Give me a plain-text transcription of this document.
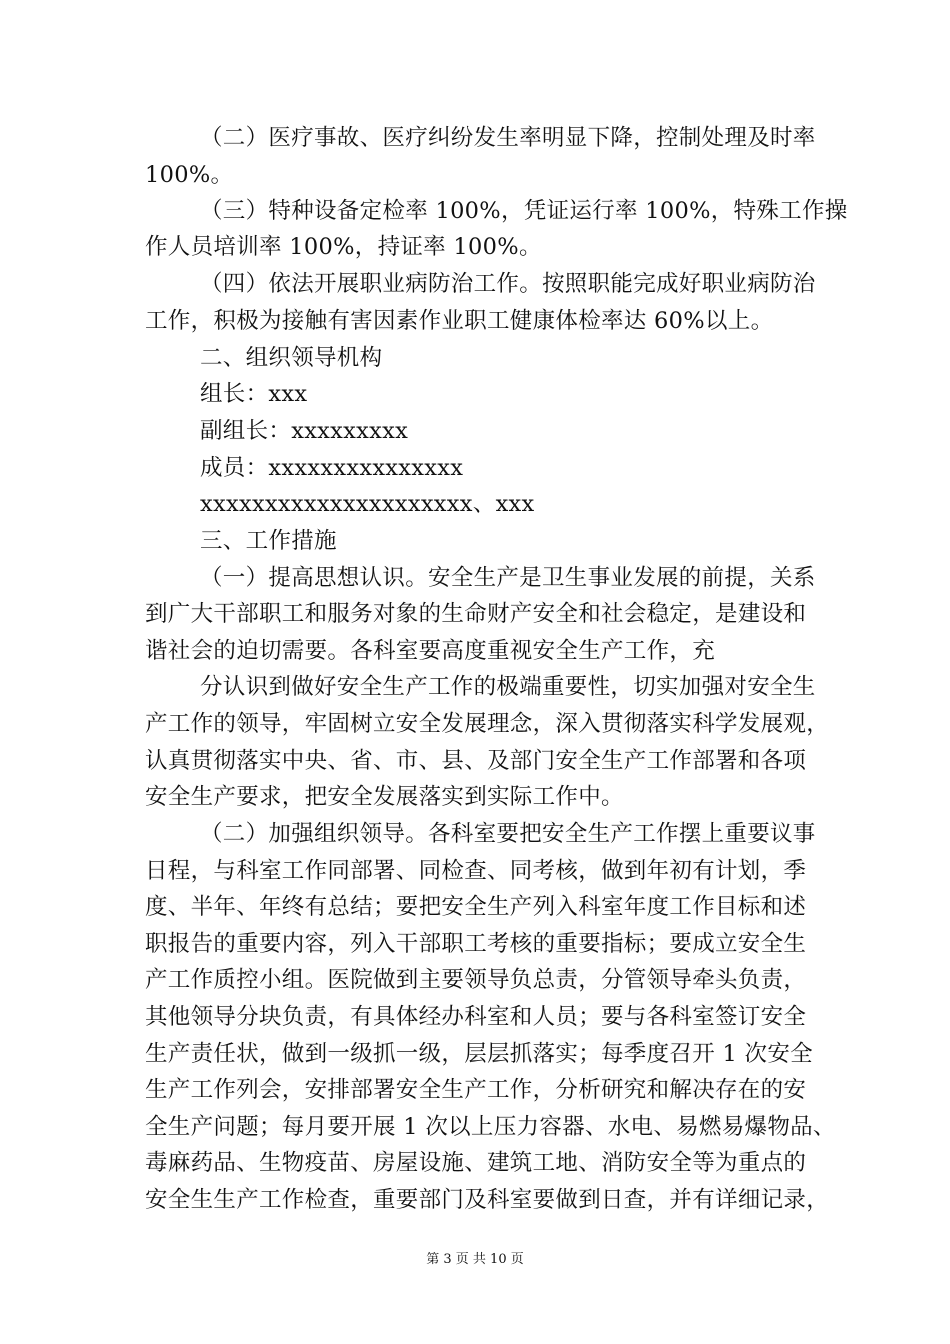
（二）医疗事故、医疗纠纷发生率明显下降，控制处理及时率
100%。
（三）特种设备定检率 100%，凭证运行率 100%，特殊工作操
作人员培训率 100%，持证率 100%。
（四）依法开展职业病防治工作。按照职能完成好职业病防治
工作，积极为接触有害因素作业职工健康体检率达 60%以上。
二、组织领导机构
组长：xxx
副组长：xxxxxxxxx
成员：xxxxxxxxxxxxxxx
xxxxxxxxxxxxxxxxxxxxx、xxx
三、工作措施
（一）提高思想认识。安全生产是卫生事业发展的前提，关系
到广大干部职工和服务对象的生命财产安全和社会稳定，是建设和
谐社会的迫切需要。各科室要高度重视安全生产工作，充
分认识到做好安全生产工作的极端重要性，切实加强对安全生
产工作的领导，牢固树立安全发展理念，深入贯彻落实科学发展观，
认真贯彻落实中央、省、市、县、及部门安全生产工作部署和各项
安全生产要求，把安全发展落实到实际工作中。
（二）加强组织领导。各科室要把安全生产工作摆上重要议事
日程，与科室工作同部署、同检查、同考核，做到年初有计划，季
度、半年、年终有总结；要把安全生产列入科室年度工作目标和述
职报告的重要内容，列入干部职工考核的重要指标；要成立安全生
产工作质控小组。医院做到主要领导负总责，分管领导牵头负责，
其他领导分块负责，有具体经办科室和人员；要与各科室签订安全
生产责任状，做到一级抓一级，层层抓落实；每季度召开 1 次安全
生产工作列会，安排部署安全生产工作，分析研究和解决存在的安
全生产问题；每月要开展 1 次以上压力容器、水电、易燃易爆物品、
毒麻药品、生物疫苗、房屋设施、建筑工地、消防安全等为重点的
安全生生产工作检查，重要部门及科室要做到日查，并有详细记录，
第 3 页 共 10 页
